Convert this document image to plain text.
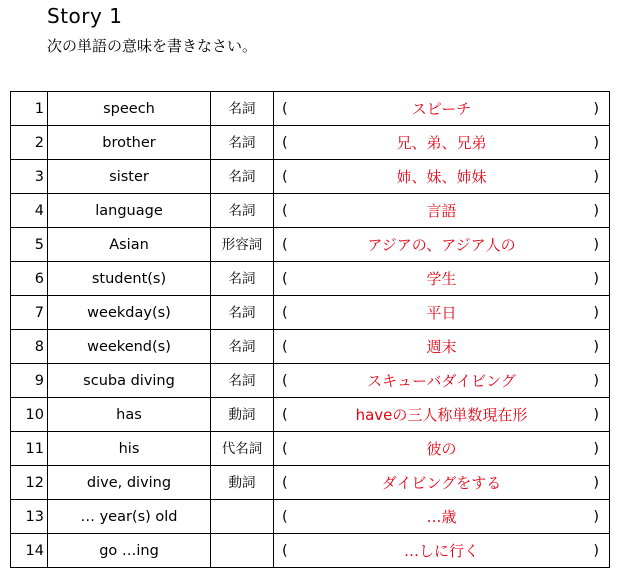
Story 1
次の単語の意味を書きなさい。
1	speech	名詞	( スピーチ )

2	brother	名詞	( 兄、弟、兄弟 )

3	sister	名詞	( 姉、妹、姉妹 )

4	language	名詞	( 言語 )

5	Asian	形容詞	( アジアの、アジア人の )

6	student(s)	名詞	( 学生 )

7	weekday(s)	名詞	( 平日 )

8	weekend(s)	名詞	( 週末 )

9	scuba diving	名詞	( スキューバダイビング )

10	has	動詞	( haveの三人称単数現在形 )

11	his	代名詞	( 彼の )

12	dive, diving	動詞	( ダイビングをする )

13	… year(s) old		( …歳 )

14	go …ing		( …しに行く )
